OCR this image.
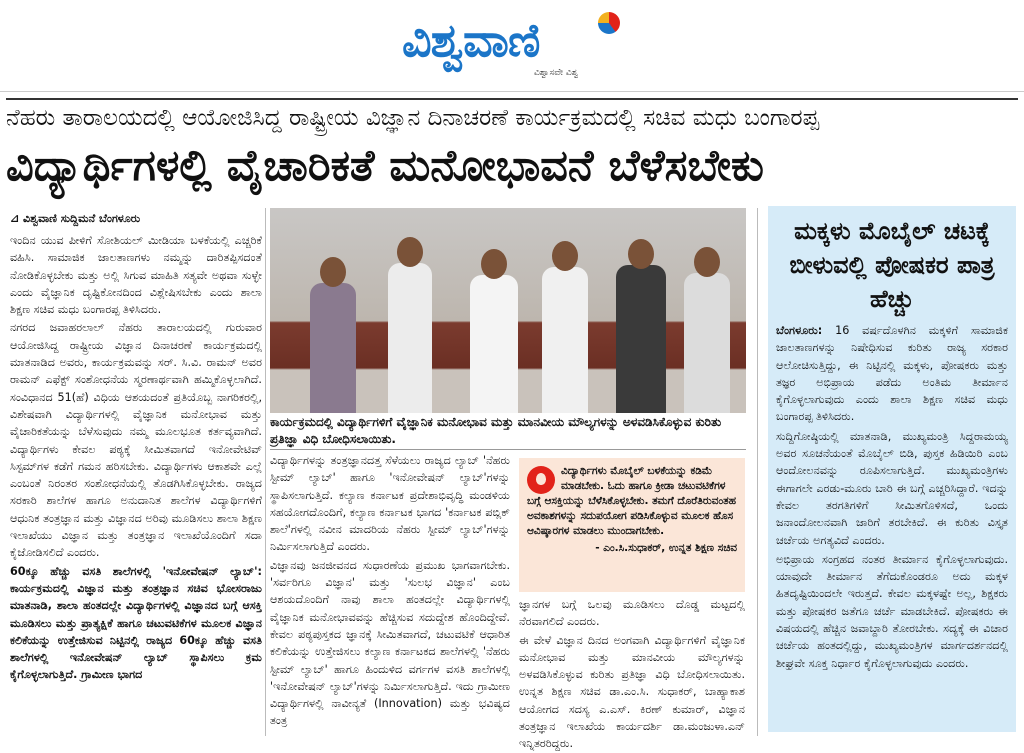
ವಿಶ್ವವಾಣಿ
ವಿಶ್ವಾಸವೇ ವಿಶ್ವ
ನೆಹರು ತಾರಾಲಯದಲ್ಲಿ ಆಯೋಜಿಸಿದ್ದ ರಾಷ್ಟ್ರೀಯ ವಿಜ್ಞಾನ ದಿನಾಚರಣೆ ಕಾರ್ಯಕ್ರಮದಲ್ಲಿ ಸಚಿವ ಮಧು ಬಂಗಾರಪ್ಪ
ವಿದ್ಯಾರ್ಥಿಗಳಲ್ಲಿ ವೈಚಾರಿಕತೆ ಮನೋಭಾವನೆ ಬೆಳೆಸಬೇಕು
⊿ ವಿಶ್ವವಾಣಿ ಸುದ್ದಿಮನೆ ಬೆಂಗಳೂರು

ಇಂದಿನ ಯುವ ಪೀಳಿಗೆ ಸೋಶಿಯಲ್ ಮೀಡಿಯಾ ಬಳಕೆಯಲ್ಲಿ ಎಚ್ಚರಿಕೆ ವಹಿಸಿ. ಸಾಮಾಜಿಕ ಜಾಲತಾಣಗಳು ನಮ್ಮನ್ನು ದಾರಿತಪ್ಪಿಸದಂತೆ ನೋಡಿಕೊಳ್ಳಬೇಕು ಮತ್ತು ಅಲ್ಲಿ ಸಿಗುವ ಮಾಹಿತಿ ಸತ್ಯವೇ ಅಥವಾ ಸುಳ್ಳೇ ಎಂದು ವೈಜ್ಞಾನಿಕ ದೃಷ್ಟಿಕೋನದಿಂದ ವಿಶ್ಲೇಷಿಸಬೇಕು ಎಂದು ಶಾಲಾ ಶಿಕ್ಷಣ ಸಚಿವ ಮಧು ಬಂಗಾರಪ್ಪ ತಿಳಿಸಿದರು.

ನಗರದ ಜವಾಹರಲಾಲ್ ನೆಹರು ತಾರಾಲಯದಲ್ಲಿ ಗುರುವಾರ ಆಯೋಜಿಸಿದ್ದ ರಾಷ್ಟ್ರೀಯ ವಿಜ್ಞಾನ ದಿನಾಚರಣೆ ಕಾರ್ಯಕ್ರಮದಲ್ಲಿ ಮಾತನಾಡಿದ ಅವರು, ಕಾರ್ಯಕ್ರಮವನ್ನು ಸರ್. ಸಿ.ವಿ. ರಾಮನ್ ಅವರ ರಾಮನ್ ಎಫೆಕ್ಟ್ ಸಂಶೋಧನೆಯ ಸ್ಮರಣಾರ್ಥವಾಗಿ ಹಮ್ಮಿಕೊಳ್ಳಲಾಗಿದೆ. ಸಂವಿಧಾನದ 51(ಹೆ) ವಿಧಿಯ ಆಶಯದಂತೆ ಪ್ರತಿಯೊಬ್ಬ ನಾಗರಿಕರಲ್ಲಿ, ವಿಶೇಷವಾಗಿ ವಿದ್ಯಾರ್ಥಿಗಳಲ್ಲಿ ವೈಜ್ಞಾನಿಕ ಮನೋಭಾವ ಮತ್ತು ವೈಚಾರಿಕತೆಯನ್ನು ಬೆಳೆಸುವುದು ನಮ್ಮ ಮೂಲಭೂತ ಕರ್ತವ್ಯವಾಗಿದೆ. ವಿದ್ಯಾರ್ಥಿಗಳು ಕೇವಲ ಪಠ್ಯಕ್ಕೆ ಸೀಮಿತವಾಗದೆ ಇನೋವೇಟಿವ್ ಸಿಸ್ಟಮ್‌ಗಳ ಕಡೆಗೆ ಗಮನ ಹರಿಸಬೇಕು. ವಿದ್ಯಾರ್ಥಿಗಳು ಆಕಾಶವೇ ಎಲ್ಲೆ ಎಂಬಂತೆ ನಿರಂತರ ಸಂಶೋಧನೆಯಲ್ಲಿ ತೊಡಗಿಸಿಕೊಳ್ಳಬೇಕು. ರಾಜ್ಯದ ಸರಕಾರಿ ಶಾಲೆಗಳ ಹಾಗೂ ಅನುದಾನಿತ ಶಾಲೆಗಳ ವಿದ್ಯಾರ್ಥಿಗಳಿಗೆ ಆಧುನಿಕ ತಂತ್ರಜ್ಞಾನ ಮತ್ತು ವಿಜ್ಞಾನದ ಅರಿವು ಮೂಡಿಸಲು ಶಾಲಾ ಶಿಕ್ಷಣ ಇಲಾಖೆಯು ವಿಜ್ಞಾನ ಮತ್ತು ತಂತ್ರಜ್ಞಾನ ಇಲಾಖೆಯೊಂದಿಗೆ ಸದಾ ಕೈಜೋಡಿಸಲಿದೆ ಎಂದರು.

60ಕ್ಕೂ ಹೆಚ್ಚು ವಸತಿ ಶಾಲೆಗಳಲ್ಲಿ 'ಇನೋವೇಷನ್ ಲ್ಯಾಬ್': ಕಾರ್ಯಕ್ರಮದಲ್ಲಿ ವಿಜ್ಞಾನ ಮತ್ತು ತಂತ್ರಜ್ಞಾನ ಸಚಿವ ಭೋಸರಾಜು ಮಾತನಾಡಿ, ಶಾಲಾ ಹಂತದಲ್ಲೇ ವಿದ್ಯಾರ್ಥಿಗಳಲ್ಲಿ ವಿಜ್ಞಾನದ ಬಗ್ಗೆ ಆಸಕ್ತಿ ಮೂಡಿಸಲು ಮತ್ತು ಪ್ರಾತ್ಯಕ್ಷಿಕೆ ಹಾಗೂ ಚಟುವಟಿಕೆಗಳ ಮೂಲಕ ವಿಜ್ಞಾನ ಕಲಿಕೆಯನ್ನು ಉತ್ತೇಜಿಸುವ ನಿಟ್ಟಿನಲ್ಲಿ ರಾಜ್ಯದ 60ಕ್ಕೂ ಹೆಚ್ಚು ವಸತಿ ಶಾಲೆಗಳಲ್ಲಿ ಇನೋವೇಷನ್ ಲ್ಯಾಬ್ ಸ್ಥಾಪಿಸಲು ಕ್ರಮ ಕೈಗೊಳ್ಳಲಾಗುತ್ತಿದೆ. ಗ್ರಾಮೀಣ ಭಾಗದ

ಕಾರ್ಯಕ್ರಮದಲ್ಲಿ ವಿದ್ಯಾರ್ಥಿಗಳಿಗೆ ವೈಜ್ಞಾನಿಕ ಮನೋಭಾವ ಮತ್ತು ಮಾನವೀಯ ಮೌಲ್ಯಗಳನ್ನು ಅಳವಡಿಸಿಕೊಳ್ಳುವ ಕುರಿತು ಪ್ರತಿಜ್ಞಾ ವಿಧಿ ಬೋಧಿಸಲಾಯಿತು.

ವಿದ್ಯಾರ್ಥಿಗಳನ್ನು ತಂತ್ರಜ್ಞಾನದತ್ತ ಸೆಳೆಯಲು ರಾಜ್ಯದ ಲ್ಯಾಬ್ 'ನೆಹರು ಸ್ಟೀಮ್ ಲ್ಯಾಬ್' ಹಾಗೂ 'ಇನೋವೇಷನ್ ಲ್ಯಾಬ್'ಗಳನ್ನು ಸ್ಥಾಪಿಸಲಾಗುತ್ತಿದೆ. ಕಲ್ಯಾಣ ಕರ್ನಾಟಕ ಪ್ರದೇಶಾಭಿವೃದ್ಧಿ ಮಂಡಳಿಯ ಸಹಯೋಗದೊಂದಿಗೆ, ಕಲ್ಯಾಣ ಕರ್ನಾಟಕ ಭಾಗದ 'ಕರ್ನಾಟಕ ಪಬ್ಲಿಕ್ ಶಾಲೆ'ಗಳಲ್ಲಿ ನವೀನ ಮಾದರಿಯ ನೆಹರು ಸ್ಟೀಮ್ ಲ್ಯಾಬ್'ಗಳನ್ನು ನಿರ್ಮಿಸಲಾಗುತ್ತಿದೆ ಎಂದರು.

ವಿಜ್ಞಾನವು ಜನಜೀವನದ ಸುಧಾರಣೆಯ ಪ್ರಮುಖ ಭಾಗವಾಗಬೇಕು. 'ಸರ್ವರಿಗೂ ವಿಜ್ಞಾನ' ಮತ್ತು 'ಸುಲಭ ವಿಜ್ಞಾನ' ಎಂಬ ಆಶಯದೊಂದಿಗೆ ನಾವು ಶಾಲಾ ಹಂತದಲ್ಲೇ ವಿದ್ಯಾರ್ಥಿಗಳಲ್ಲಿ ವೈಜ್ಞಾನಿಕ ಮನೋಭಾವವನ್ನು ಹೆಚ್ಚಿಸುವ ಸದುದ್ದೇಶ ಹೊಂದಿದ್ದೇವೆ. ಕೇವಲ ಪಠ್ಯಪುಸ್ತಕದ ಜ್ಞಾನಕ್ಕೆ ಸೀಮಿತವಾಗದೆ, ಚಟುವಟಿಕೆ ಆಧಾರಿತ ಕಲಿಕೆಯನ್ನು ಉತ್ತೇಜಿಸಲು ಕಲ್ಯಾಣ ಕರ್ನಾಟಕದ ಶಾಲೆಗಳಲ್ಲಿ 'ನೆಹರು ಸ್ಟೀಮ್ ಲ್ಯಾಬ್' ಹಾಗೂ ಹಿಂದುಳಿದ ವರ್ಗಗಳ ವಸತಿ ಶಾಲೆಗಳಲ್ಲಿ 'ಇನೋವೇಷನ್ ಲ್ಯಾಬ್'ಗಳನ್ನು ನಿರ್ಮಿಸಲಾಗುತ್ತಿದೆ. ಇದು ಗ್ರಾಮೀಣ ವಿದ್ಯಾರ್ಥಿಗಳಲ್ಲಿ ನಾವೀನ್ಯತೆ (Innovation) ಮತ್ತು ಭವಿಷ್ಯದ ತಂತ್ರ

ವಿದ್ಯಾರ್ಥಿಗಳು ಮೊಬೈಲ್ ಬಳಕೆಯನ್ನು ಕಡಿಮೆ ಮಾಡಬೇಕು. ಓದು ಹಾಗೂ ಕ್ರೀಡಾ ಚಟುವಟಿಕೆಗಳ ಬಗ್ಗೆ ಆಸಕ್ತಿಯನ್ನು ಬೆಳೆಸಿಕೊಳ್ಳಬೇಕು. ತಮಗೆ ದೊರೆತಿರುವಂತಹ ಅವಕಾಶಗಳನ್ನು ಸದುಪಯೋಗ ಪಡಿಸಿಕೊಳ್ಳುವ ಮೂಲಕ ಹೊಸ ಆವಿಷ್ಕಾರಗಳ ಮಾಡಲು ಮುಂದಾಗಬೇಕು.
- ಎಂ.ಸಿ.ಸುಧಾಕರ್, ಉನ್ನತ ಶಿಕ್ಷಣ ಸಚಿವ

ಜ್ಞಾನಗಳ ಬಗ್ಗೆ ಒಲವು ಮೂಡಿಸಲು ದೊಡ್ಡ ಮಟ್ಟದಲ್ಲಿ ನೆರವಾಗಲಿದೆ ಎಂದರು.

ಈ ವೇಳೆ ವಿಜ್ಞಾನ ದಿನದ ಅಂಗವಾಗಿ ವಿದ್ಯಾರ್ಥಿಗಳಿಗೆ ವೈಜ್ಞಾನಿಕ ಮನೋಭಾವ ಮತ್ತು ಮಾನವೀಯ ಮೌಲ್ಯಗಳನ್ನು ಅಳವಡಿಸಿಕೊಳ್ಳುವ ಕುರಿತು ಪ್ರತಿಜ್ಞಾ ವಿಧಿ ಬೋಧಿಸಲಾಯಿತು. ಉನ್ನತ ಶಿಕ್ಷಣ ಸಚಿವ ಡಾ.ಎಂ.ಸಿ. ಸುಧಾಕರ್, ಬಾಹ್ಯಾಕಾಶ ಆಯೋಗದ ಸದಸ್ಯ ಎ.ಎಸ್. ಕಿರಣ್ ಕುಮಾರ್, ವಿಜ್ಞಾನ ತಂತ್ರಜ್ಞಾನ ಇಲಾಖೆಯ ಕಾರ್ಯದರ್ಶಿ ಡಾ.ಮಂಜುಳಾ.ಎನ್ ಇನ್ನಿತರರಿದ್ದರು.

ಮಕ್ಕಳು ಮೊಬೈಲ್ ಚಟಕ್ಕೆ ಬೀಳುವಲ್ಲಿ ಪೋಷಕರ ಪಾತ್ರ ಹೆಚ್ಚು

ಬೆಂಗಳೂರು: 16 ವರ್ಷದೊಳಗಿನ ಮಕ್ಕಳಿಗೆ ಸಾಮಾಜಿಕ ಜಾಲತಾಣಗಳನ್ನು ನಿಷೇಧಿಸುವ ಕುರಿತು ರಾಜ್ಯ ಸರಕಾರ ಆಲೋಚಿಸುತ್ತಿದ್ದು, ಈ ನಿಟ್ಟಿನಲ್ಲಿ ಮಕ್ಕಳು, ಪೋಷಕರು ಮತ್ತು ತಜ್ಞರ ಅಭಿಪ್ರಾಯ ಪಡೆದು ಅಂತಿಮ ತೀರ್ಮಾನ ಕೈಗೊಳ್ಳಲಾಗುವುದು ಎಂದು ಶಾಲಾ ಶಿಕ್ಷಣ ಸಚಿವ ಮಧು ಬಂಗಾರಪ್ಪ ತಿಳಿಸಿದರು.

ಸುದ್ದಿಗೋಷ್ಠಿಯಲ್ಲಿ ಮಾತನಾಡಿ, ಮುಖ್ಯಮಂತ್ರಿ ಸಿದ್ದರಾಮಯ್ಯ ಅವರ ಸೂಚನೆಯಂತೆ ಮೊಬೈಲ್ ಬಿಡಿ, ಪುಸ್ತಕ ಹಿಡಿಯಿರಿ ಎಂಬ ಆಂದೋಲನವನ್ನು ರೂಪಿಸಲಾಗುತ್ತಿದೆ. ಮುಖ್ಯಮಂತ್ರಿಗಳು ಈಗಾಗಲೇ ಎರಡು-ಮೂರು ಬಾರಿ ಈ ಬಗ್ಗೆ ಎಚ್ಚರಿಸಿದ್ದಾರೆ. ಇದನ್ನು ಕೇವಲ ತರಗತಿಗಳಿಗೆ ಸೀಮಿತಗೊಳಿಸದೆ, ಒಂದು ಜನಾಂದೋಲನವಾಗಿ ಜಾರಿಗೆ ತರಬೇಕಿದೆ. ಈ ಕುರಿತು ವಿಸ್ತೃತ ಚರ್ಚೆಯ ಅಗತ್ಯವಿದೆ ಎಂದರು.

ಅಭಿಪ್ರಾಯ ಸಂಗ್ರಹದ ನಂತರ ತೀರ್ಮಾನ ಕೈಗೊಳ್ಳಲಾಗುವುದು. ಯಾವುದೇ ತೀರ್ಮಾನ ತೆಗೆದುಕೊಂಡರೂ ಅದು ಮಕ್ಕಳ ಹಿತದೃಷ್ಟಿಯಿಂದಲೇ ಇರುತ್ತದೆ. ಕೇವಲ ಮಕ್ಕಳಷ್ಟೇ ಅಲ್ಲ, ಶಿಕ್ಷಕರು ಮತ್ತು ಪೋಷಕರ ಜತೆಗೂ ಚರ್ಚೆ ಮಾಡಬೇಕಿದೆ. ಪೋಷಕರು ಈ ವಿಷಯದಲ್ಲಿ ಹೆಚ್ಚಿನ ಜವಾಬ್ದಾರಿ ತೋರಬೇಕು. ಸದ್ಯಕ್ಕೆ ಈ ವಿಚಾರ ಚರ್ಚೆಯ ಹಂತದಲ್ಲಿದ್ದು, ಮುಖ್ಯಮಂತ್ರಿಗಳ ಮಾರ್ಗದರ್ಶನದಲ್ಲಿ ಶೀಘ್ರವೇ ಸೂಕ್ತ ನಿರ್ಧಾರ ಕೈಗೊಳ್ಳಲಾಗುವುದು ಎಂದರು.
